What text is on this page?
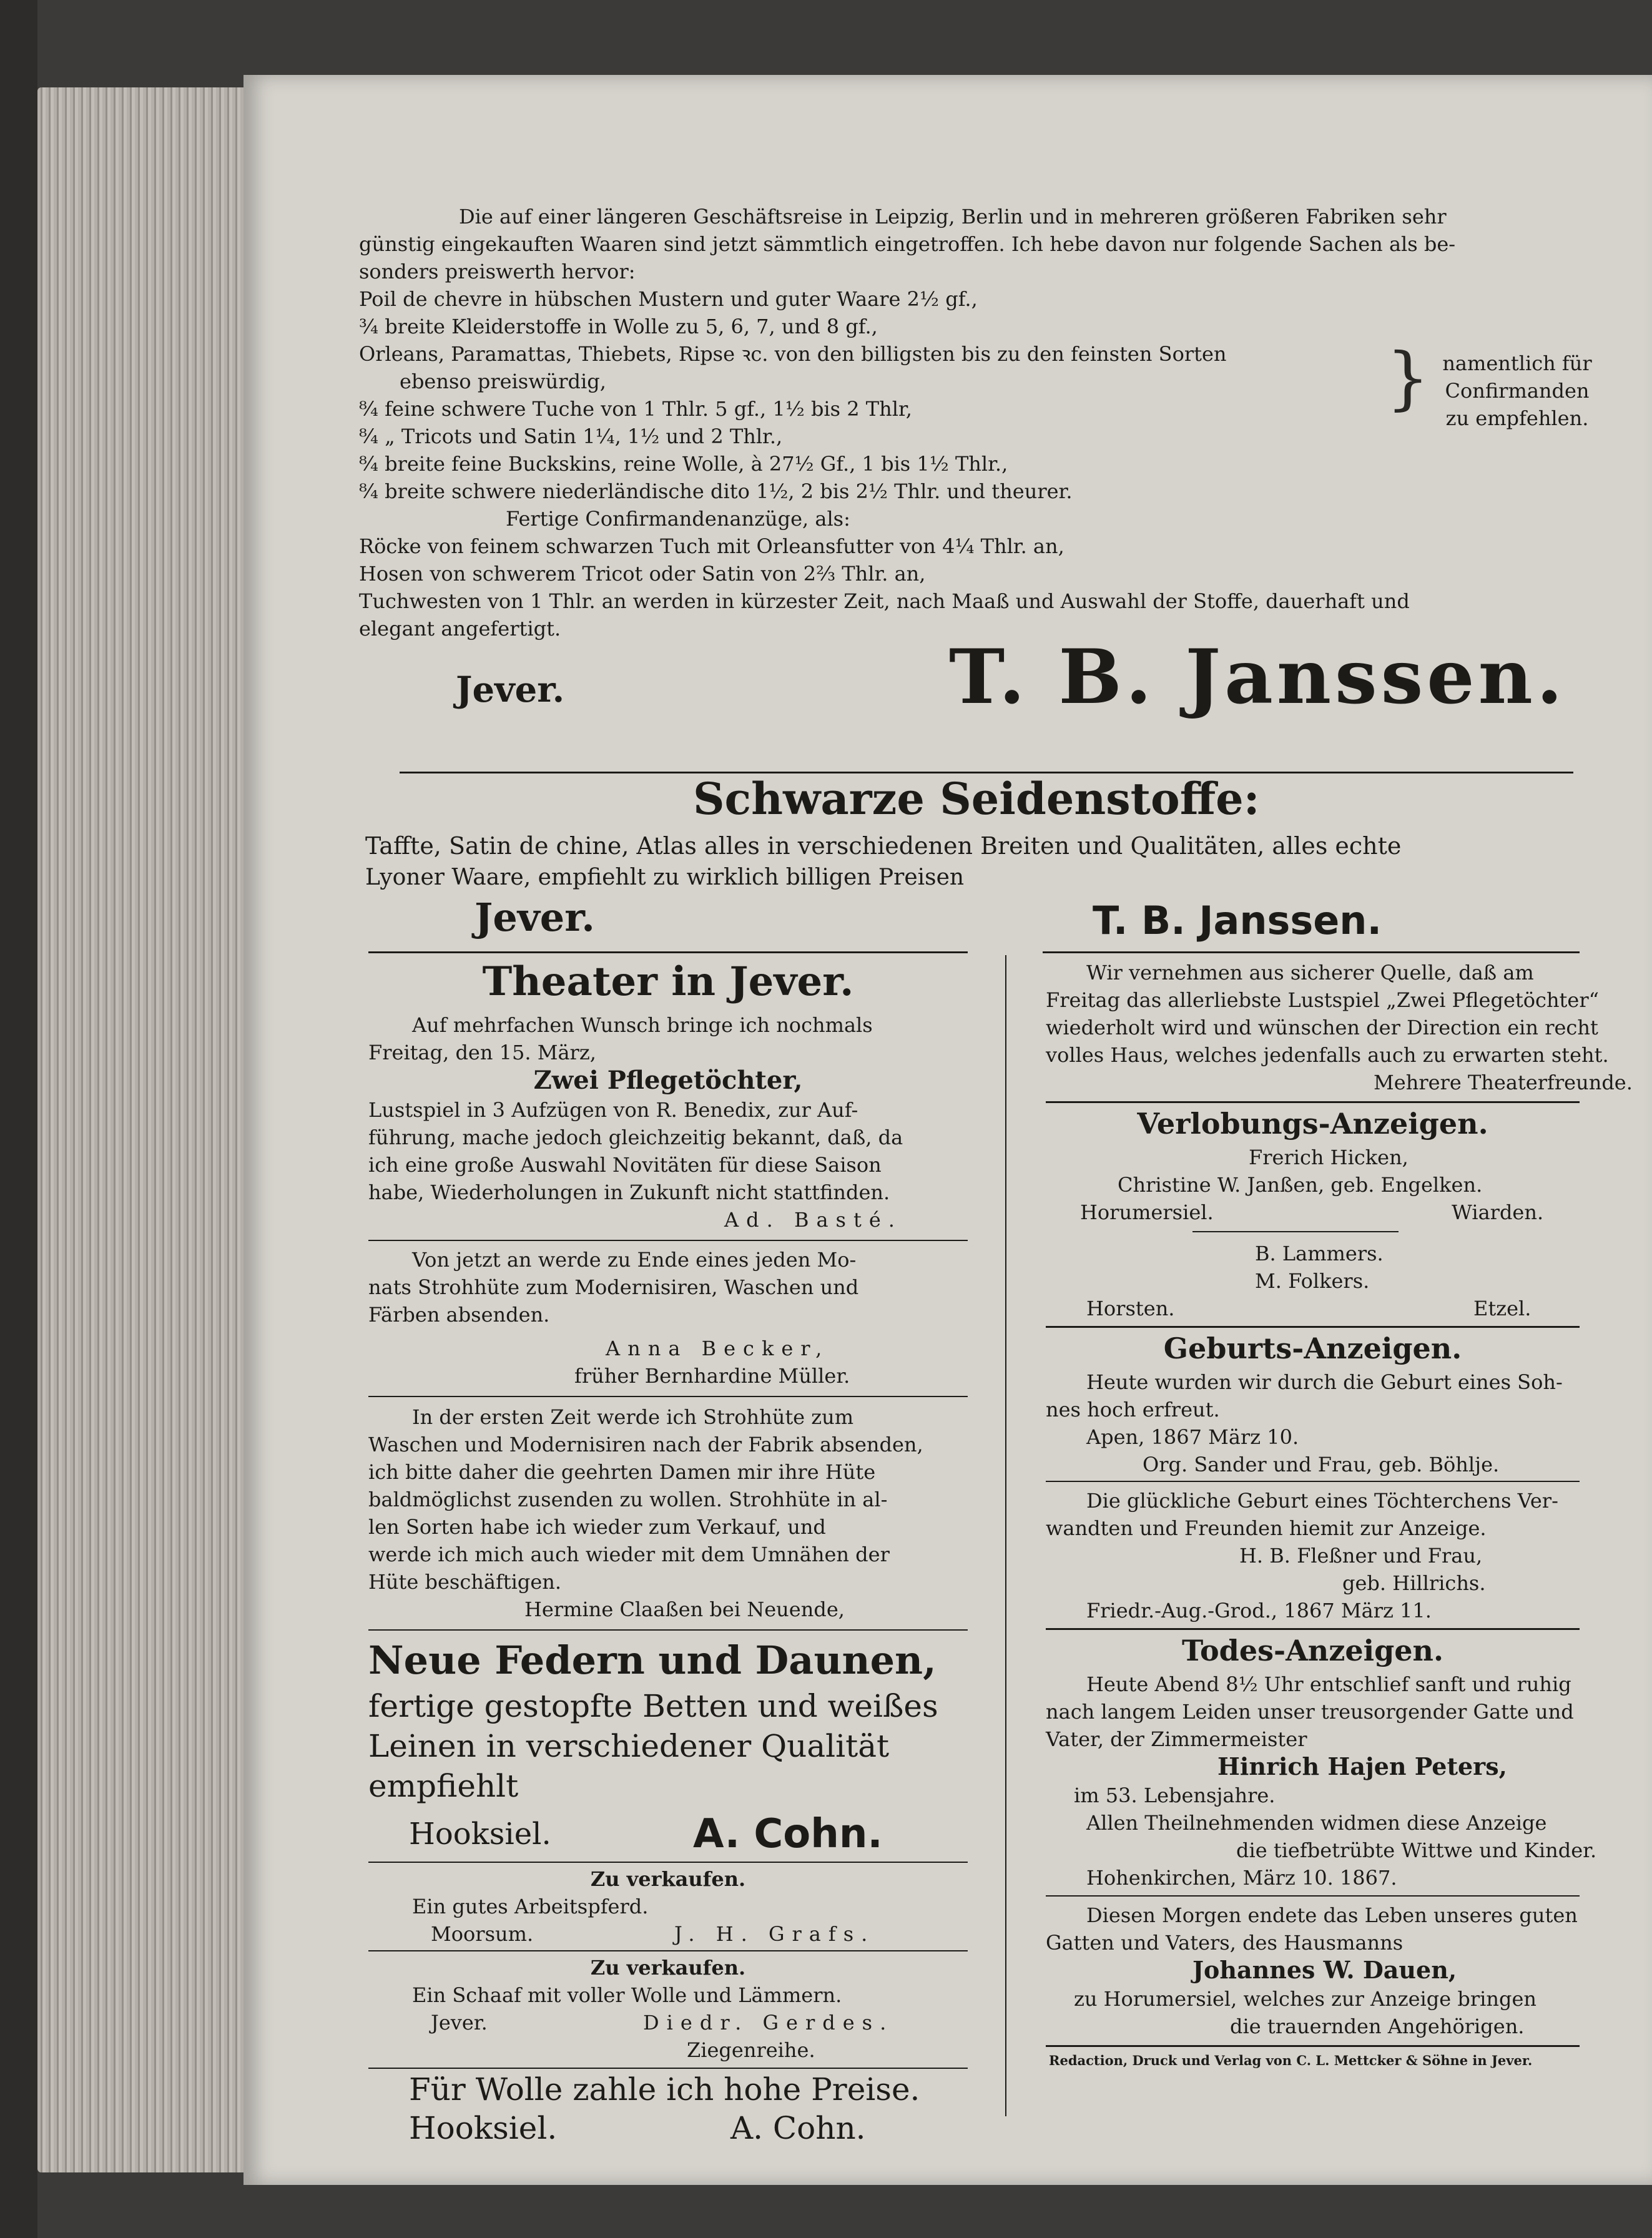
Die auf einer längeren Geschäftsreise in Leipzig, Berlin und in mehreren größeren Fabriken sehr
günstig eingekauften Waaren sind jetzt sämmtlich eingetroffen. Ich hebe davon nur folgende Sachen als be-
sonders preiswerth hervor:
Poil de chevre in hübschen Mustern und guter Waare 2½ gf.,
¾ breite Kleiderstoffe in Wolle zu 5, 6, 7, und 8 gf.,
Orleans, Paramattas, Thiebets, Ripse ꝛc. von den billigsten bis zu den feinsten Sorten
ebenso preiswürdig,
⁸⁄₄ feine schwere Tuche von 1 Thlr. 5 gf., 1½ bis 2 Thlr,
⁸⁄₄ „ Tricots und Satin 1¼, 1½ und 2 Thlr.,
⁸⁄₄ breite feine Buckskins, reine Wolle, à 27½ Gf., 1 bis 1½ Thlr.,
⁸⁄₄ breite schwere niederländische dito 1½, 2 bis 2½ Thlr. und theurer.
Fertige Confirmandenanzüge, als:
Röcke von feinem schwarzen Tuch mit Orleansfutter von 4¼ Thlr. an,
Hosen von schwerem Tricot oder Satin von 2⅔ Thlr. an,
Tuchwesten von 1 Thlr. an werden in kürzester Zeit, nach Maaß und Auswahl der Stoffe, dauerhaft und
elegant angefertigt.
} namentlich für
Confirmanden
zu empfehlen.
Jever.	T. B. Janssen.
Schwarze Seidenstoffe:
Taffte, Satin de chine, Atlas alles in verschiedenen Breiten und Qualitäten, alles echte
Lyoner Waare, empfiehlt zu wirklich billigen Preisen
Jever.	T. B. Janssen.
Theater in Jever.
Auf mehrfachen Wunsch bringe ich nochmals
Freitag, den 15. März,
Zwei Pflegetöchter,
Lustspiel in 3 Aufzügen von R. Benedix, zur Auf-
führung, mache jedoch gleichzeitig bekannt, daß, da
ich eine große Auswahl Novitäten für diese Saison
habe, Wiederholungen in Zukunft nicht stattfinden.
Ad. Basté.
Von jetzt an werde zu Ende eines jeden Mo-
nats Strohhüte zum Modernisiren, Waschen und
Färben absenden.
Anna Becker,
früher Bernhardine Müller.
In der ersten Zeit werde ich Strohhüte zum
Waschen und Modernisiren nach der Fabrik absenden,
ich bitte daher die geehrten Damen mir ihre Hüte
baldmöglichst zusenden zu wollen. Strohhüte in al-
len Sorten habe ich wieder zum Verkauf, und
werde ich mich auch wieder mit dem Umnähen der
Hüte beschäftigen.
Hermine Claaßen bei Neuende,
Neue Federn und Daunen,
fertige gestopfte Betten und weißes
Leinen in verschiedener Qualität
empfiehlt
Hooksiel.	A. Cohn.
Zu verkaufen.
Ein gutes Arbeitspferd.
Moorsum.	J. H. Grafs.
Zu verkaufen.
Ein Schaaf mit voller Wolle und Lämmern.
Jever.	Diedr. Gerdes.
Ziegenreihe.
Für Wolle zahle ich hohe Preise.
Hooksiel.	A. Cohn.
Wir vernehmen aus sicherer Quelle, daß am
Freitag das allerliebste Lustspiel „Zwei Pflegetöchter“
wiederholt wird und wünschen der Direction ein recht
volles Haus, welches jedenfalls auch zu erwarten steht.
Mehrere Theaterfreunde.
Verlobungs-Anzeigen.
Frerich Hicken,
Christine W. Janßen, geb. Engelken.
Horumersiel.	Wiarden.
B. Lammers.
M. Folkers.
Horsten.	Etzel.
Geburts-Anzeigen.
Heute wurden wir durch die Geburt eines Soh-
nes hoch erfreut.
Apen, 1867 März 10.
Org. Sander und Frau, geb. Böhlje.
Die glückliche Geburt eines Töchterchens Ver-
wandten und Freunden hiemit zur Anzeige.
H. B. Fleßner und Frau,
geb. Hillrichs.
Friedr.-Aug.-Grod., 1867 März 11.
Todes-Anzeigen.
Heute Abend 8½ Uhr entschlief sanft und ruhig
nach langem Leiden unser treusorgender Gatte und
Vater, der Zimmermeister
Hinrich Hajen Peters,
im 53. Lebensjahre.
Allen Theilnehmenden widmen diese Anzeige
die tiefbetrübte Wittwe und Kinder.
Hohenkirchen, März 10. 1867.
Diesen Morgen endete das Leben unseres guten
Gatten und Vaters, des Hausmanns
Johannes W. Dauen,
zu Horumersiel, welches zur Anzeige bringen
die trauernden Angehörigen.
Redaction, Druck und Verlag von C. L. Mettcker & Söhne in Jever.
